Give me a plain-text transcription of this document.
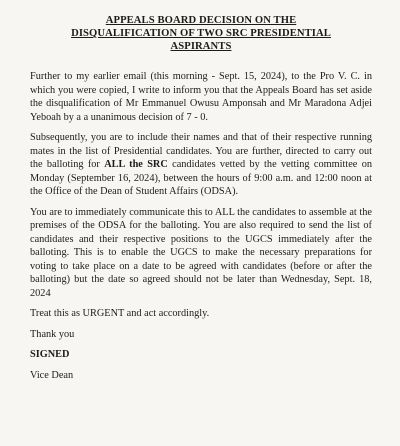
APPEALS BOARD DECISION ON THE
DISQUALIFICATION OF TWO SRC PRESIDENTIAL
ASPIRANTS

Further to my earlier email (this morning - Sept. 15, 2024), to the Pro V. C. in which you were copied, I write to inform you that the Appeals Board has set aside the disqualification of Mr Emmanuel Owusu Amponsah and Mr Maradona Adjei Yeboah by a a unanimous decision of 7 - 0.

Subsequently, you are to include their names and that of their respective running mates in the list of Presidential candidates. You are further, directed to carry out the balloting for ALL the SRC candidates vetted by the vetting committee on Monday (September 16, 2024), between the hours of 9:00 a.m. and 12:00 noon at the Office of the Dean of Student Affairs (ODSA).

You are to immediately communicate this to ALL the candidates to assemble at the premises of the ODSA for the balloting. You are also required to send the list of candidates and their respective positions to the UGCS immediately after the balloting. This is to enable the UGCS to make the necessary preparations for voting to take place on a date to be agreed with candidates (before or after the balloting) but the date so agreed should not be later than Wednesday, Sept. 18, 2024

Treat this as URGENT and act accordingly.

Thank you

SIGNED

Vice Dean
